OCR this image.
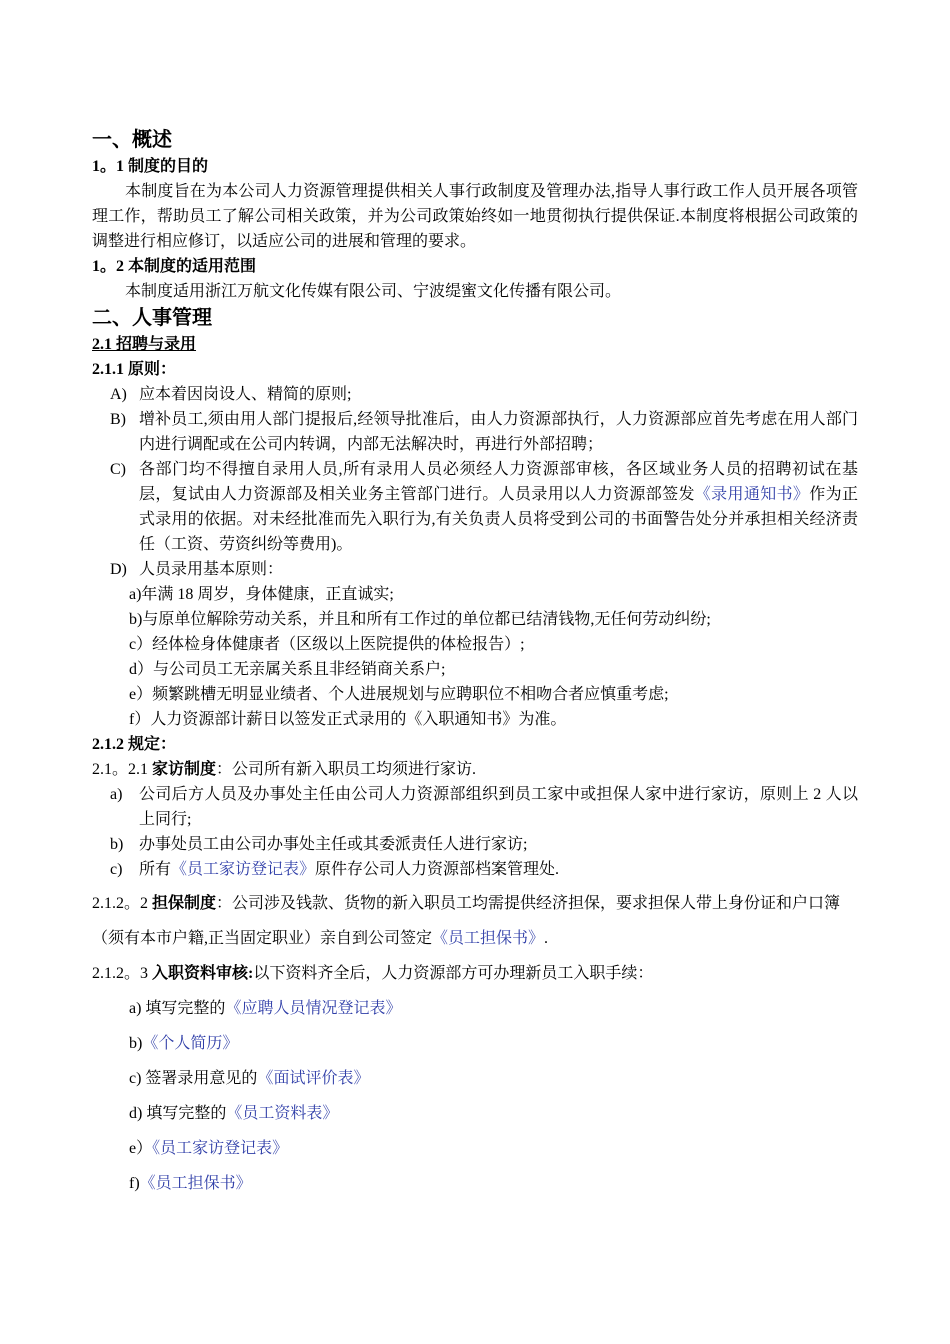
一、概述
1。1 制度的目的
本制度旨在为本公司人力资源管理提供相关人事行政制度及管理办法,指导人事行政工作人员开展各项管理工作，帮助员工了解公司相关政策，并为公司政策始终如一地贯彻执行提供保证.本制度将根据公司政策的调整进行相应修订，以适应公司的进展和管理的要求。
1。2 本制度的适用范围
本制度适用浙江万航文化传媒有限公司、宁波缇蜜文化传播有限公司。
二、人事管理
2.1 招聘与录用
2.1.1 原则：
A) 应本着因岗设人、精简的原则;
B) 增补员工,须由用人部门提报后,经领导批准后，由人力资源部执行，人力资源部应首先考虑在用人部门内进行调配或在公司内转调，内部无法解决时，再进行外部招聘；
C) 各部门均不得擅自录用人员,所有录用人员必须经人力资源部审核，各区域业务人员的招聘初试在基层，复试由人力资源部及相关业务主管部门进行。人员录用以人力资源部签发《录用通知书》作为正式录用的依据。对未经批准而先入职行为,有关负责人员将受到公司的书面警告处分并承担相关经济责任（工资、劳资纠纷等费用)。
D) 人员录用基本原则：
a)年满 18 周岁，身体健康，正直诚实;
b)与原单位解除劳动关系，并且和所有工作过的单位都已结清钱物,无任何劳动纠纷;
c）经体检身体健康者（区级以上医院提供的体检报告）;
d）与公司员工无亲属关系且非经销商关系户;
e）频繁跳槽无明显业绩者、个人进展规划与应聘职位不相吻合者应慎重考虑;
f）人力资源部计薪日以签发正式录用的《入职通知书》为准。
2.1.2 规定：
2.1。2.1 家访制度：公司所有新入职员工均须进行家访.
a) 公司后方人员及办事处主任由公司人力资源部组织到员工家中或担保人家中进行家访，原则上 2 人以上同行;
b) 办事处员工由公司办事处主任或其委派责任人进行家访;
c) 所有《员工家访登记表》原件存公司人力资源部档案管理处.
2.1.2。2 担保制度：公司涉及钱款、货物的新入职员工均需提供经济担保，要求担保人带上身份证和户口簿（须有本市户籍,正当固定职业）亲自到公司签定《员工担保书》.
2.1.2。3 入职资料审核:以下资料齐全后，人力资源部方可办理新员工入职手续：
a) 填写完整的《应聘人员情况登记表》
b)《个人简历》
c) 签署录用意见的《面试评价表》
d) 填写完整的《员工资料表》
e）《员工家访登记表》
f)《员工担保书》
